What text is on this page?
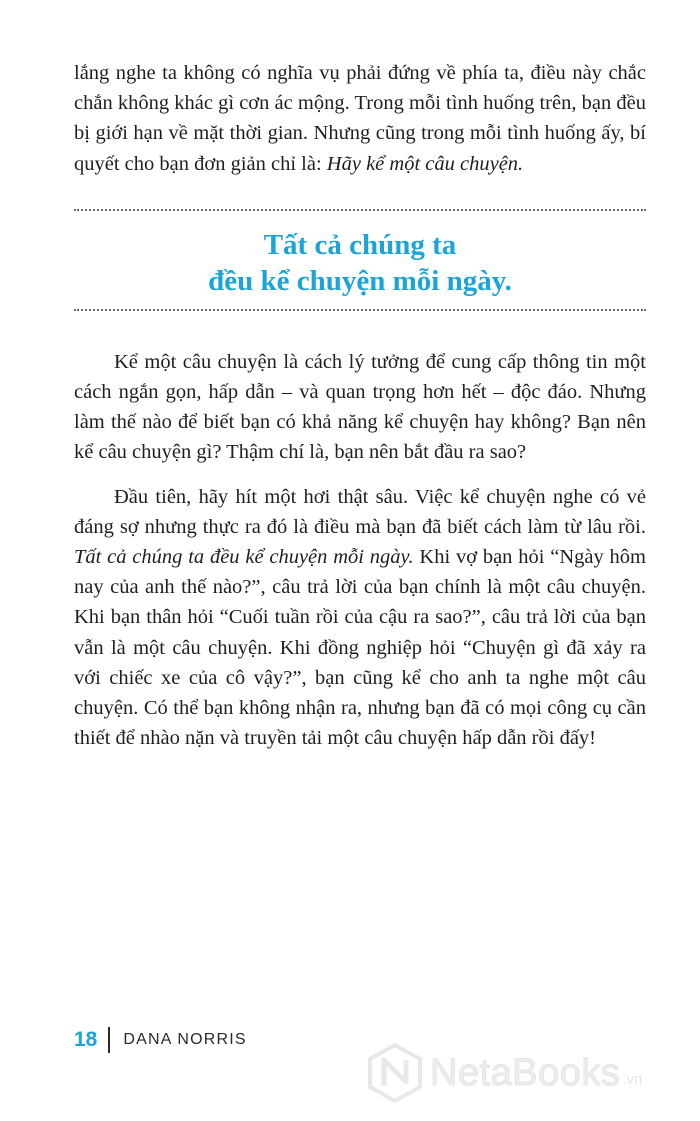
lắng nghe ta không có nghĩa vụ phải đứng về phía ta, điều này chắc chắn không khác gì cơn ác mộng. Trong mỗi tình huống trên, bạn đều bị giới hạn về mặt thời gian. Nhưng cũng trong mỗi tình huống ấy, bí quyết cho bạn đơn giản chỉ là: Hãy kể một câu chuyện.

Tất cả chúng ta
đều kể chuyện mỗi ngày.

Kể một câu chuyện là cách lý tưởng để cung cấp thông tin một cách ngắn gọn, hấp dẫn – và quan trọng hơn hết – độc đáo. Nhưng làm thế nào để biết bạn có khả năng kể chuyện hay không? Bạn nên kể câu chuyện gì? Thậm chí là, bạn nên bắt đầu ra sao?

Đầu tiên, hãy hít một hơi thật sâu. Việc kể chuyện nghe có vẻ đáng sợ nhưng thực ra đó là điều mà bạn đã biết cách làm từ lâu rồi. Tất cả chúng ta đều kể chuyện mỗi ngày. Khi vợ bạn hỏi “Ngày hôm nay của anh thế nào?”, câu trả lời của bạn chính là một câu chuyện. Khi bạn thân hỏi “Cuối tuần rồi của cậu ra sao?”, câu trả lời của bạn vẫn là một câu chuyện. Khi đồng nghiệp hỏi “Chuyện gì đã xảy ra với chiếc xe của cô vậy?”, bạn cũng kể cho anh ta nghe một câu chuyện. Có thể bạn không nhận ra, nhưng bạn đã có mọi công cụ cần thiết để nhào nặn và truyền tải một câu chuyện hấp dẫn rồi đấy!

18 DANA NORRIS
NetaBooks .vn
